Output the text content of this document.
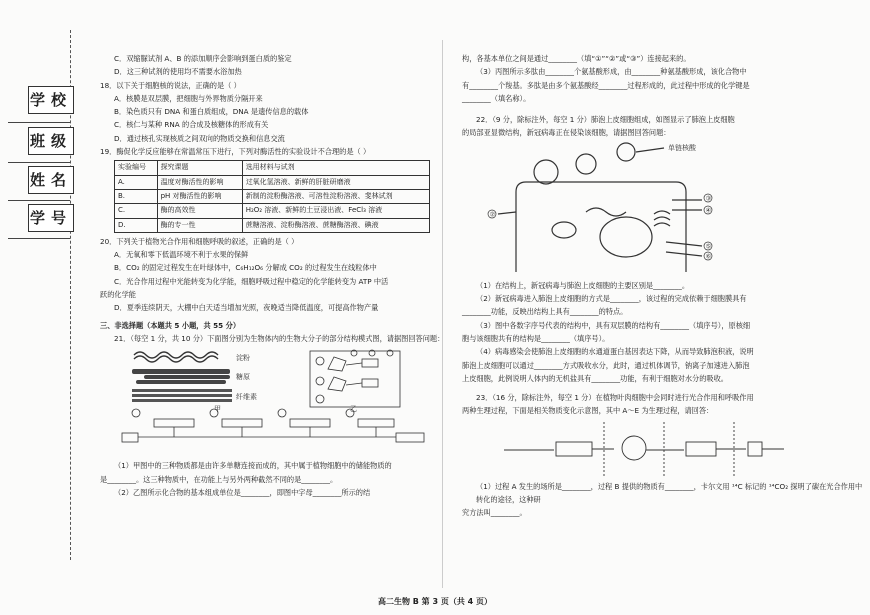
学校
班级
姓名
学号

C．双缩脲试剂 A、B 的添加顺序会影响到蛋白质的鉴定

D．这三种试剂的使用均不需要水浴加热

18．以下关于细胞核的说法，正确的是（ ）

A．核膜是双层膜，把细胞与外界物质分隔开来

B．染色质只有 DNA 和蛋白质组成，DNA 是遗传信息的载体

C．核仁与某种 RNA 的合成及核糖体的形成有关

D．通过核孔实现核质之间双向的物质交换和信息交流

19．酶促化学反应能够在常温常压下进行，下列对酶活性的实验设计不合理的是（ ）

实验编号	探究课题	选用材料与试剂
A.	温度对酶活性的影响	过氧化氢溶液、新鲜的肝脏研磨液
B.	pH 对酶活性的影响	新制的淀粉酶溶液、可溶性淀粉溶液、斐林试剂
C.	酶的高效性	H₂O₂ 溶液、新鲜的土豆浸出液、FeCl₃ 溶液
D.	酶的专一性	蔗糖溶液、淀粉酶溶液、蔗糖酶溶液、碘液

20．下列关于植物光合作用和细胞呼吸的叙述，正确的是（ ）

A．无氧和零下低温环境不利于水果的保鲜

B．CO₂ 的固定过程发生在叶绿体中，C₆H₁₂O₆ 分解成 CO₂ 的过程发生在线粒体中

C．光合作用过程中光能转变为化学能，细胞呼吸过程中稳定的化学能转变为 ATP 中活

跃的化学能

D．夏季连续阴天，大棚中白天适当增加光照，夜晚适当降低温度，可提高作物产量

三、非选择题（本题共 5 小题，共 55 分）

21．（每空 1 分，共 10 分）下面图分别为生物体内的生物大分子的部分结构模式图，请据图回答问题：

淀粉
糖原
纤维素
甲	乙

（1）甲图中的三种物质都是由许多单糖连接而成的，其中属于植物细胞中的储能物质的

是________。这三种物质中，在功能上与另外两种截然不同的是________。

（2）乙图所示化合物的基本组成单位是________，即图中字母________所示的结

构，各基本单位之间是通过________（填“①”“②”或“③”）连接起来的。

（3）丙图所示多肽由________个氨基酸形成，由________种氨基酸形成，该化合物中

有________个羧基。多肽是由多个氨基酸经________过程形成的，此过程中形成的化学键是

________（填名称）。

22．（9 分，除标注外，每空 1 分）肺泡上皮细胞组成，如图显示了肺泡上皮细胞

的局部亚显微结构，新冠病毒正在侵染该细胞，请据图回答问题：

单链核酸
③
④
⑤
⑥
②

（1）在结构上，新冠病毒与肺泡上皮细胞的主要区别是________。

（2）新冠病毒进入肺泡上皮细胞的方式是________，该过程的完成依赖于细胞膜具有

________功能，反映出结构上具有________的特点。

（3）图中各数字序号代表的结构中，具有双层膜的结构有________（填序号），原核细

胞与该细胞共有的结构是________（填序号）。

（4）病毒感染会使肺泡上皮细胞的水通道蛋白基因表达下降，从而导致肺泡积液，说明

肺泡上皮细胞可以通过________方式吸收水分，此时，通过机体调节，钠离子加速进入肺泡

上皮细胞，此例说明人体内的无机盐具有________功能，有利于细胞对水分的吸收。

23．（16 分，除标注外，每空 1 分）在植物叶肉细胞中会同时进行光合作用和呼吸作用

两种生理过程，下面是相关物质变化示意图，其中 A～E 为生理过程，请回答：

（1）过程 A 发生的场所是________，过程 B 提供的物质有________，卡尔文用 ¹⁴C 标记的 ¹⁴CO₂ 探明了碳在光合作用中转化的途径，这种研

究方法叫________。

高二生物 B 第 3 页（共 4 页）
